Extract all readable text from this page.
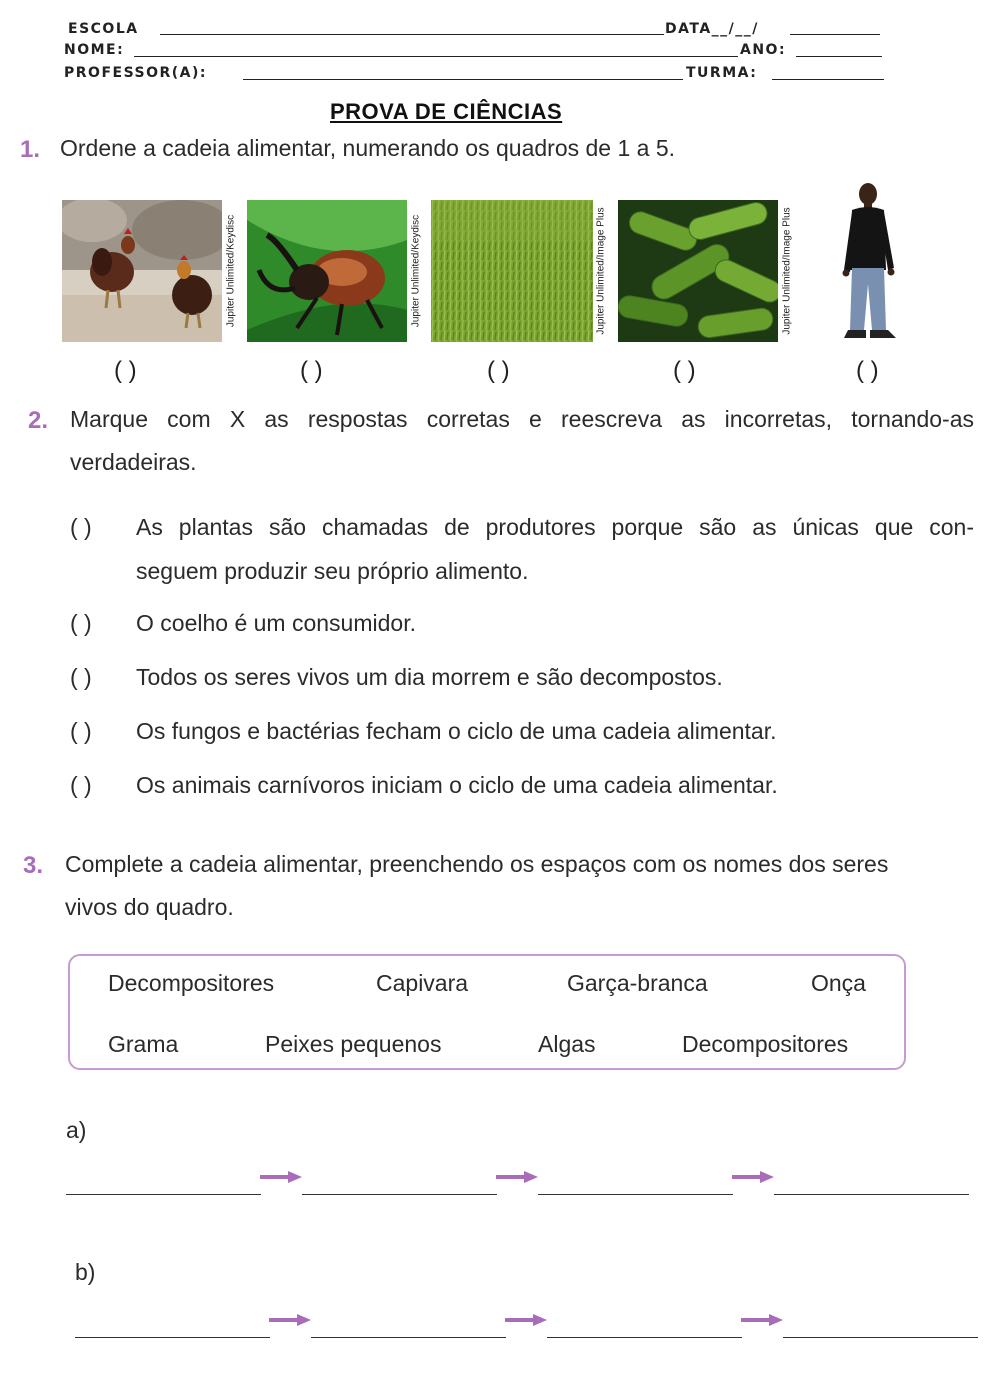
ESCOLA	DATA__/__/
NOME:	ANO:
PROFESSOR(A):	TURMA:
PROVA DE CIÊNCIAS
1. Ordene a cadeia alimentar, numerando os quadros de 1 a 5.
Jupiter Unlimited/Keydisc	Jupiter Unlimited/Keydisc	Jupiter Unlimited/Image Plus	Jupiter Unlimited/Image Plus
( )	( )	( )	( )	( )
2. Marque com X as respostas corretas e reescreva as incorretas, tornando-as
verdadeiras.
( ) As plantas são chamadas de produtores porque são as únicas que con-
seguem produzir seu próprio alimento.
( ) O coelho é um consumidor.
( ) Todos os seres vivos um dia morrem e são decompostos.
( ) Os fungos e bactérias fecham o ciclo de uma cadeia alimentar.
( ) Os animais carnívoros iniciam o ciclo de uma cadeia alimentar.
3. Complete a cadeia alimentar, preenchendo os espaços com os nomes dos seres
vivos do quadro.
Decompositores	Capivara	Garça-branca	Onça
Grama	Peixes pequenos	Algas	Decompositores
a)
b)
